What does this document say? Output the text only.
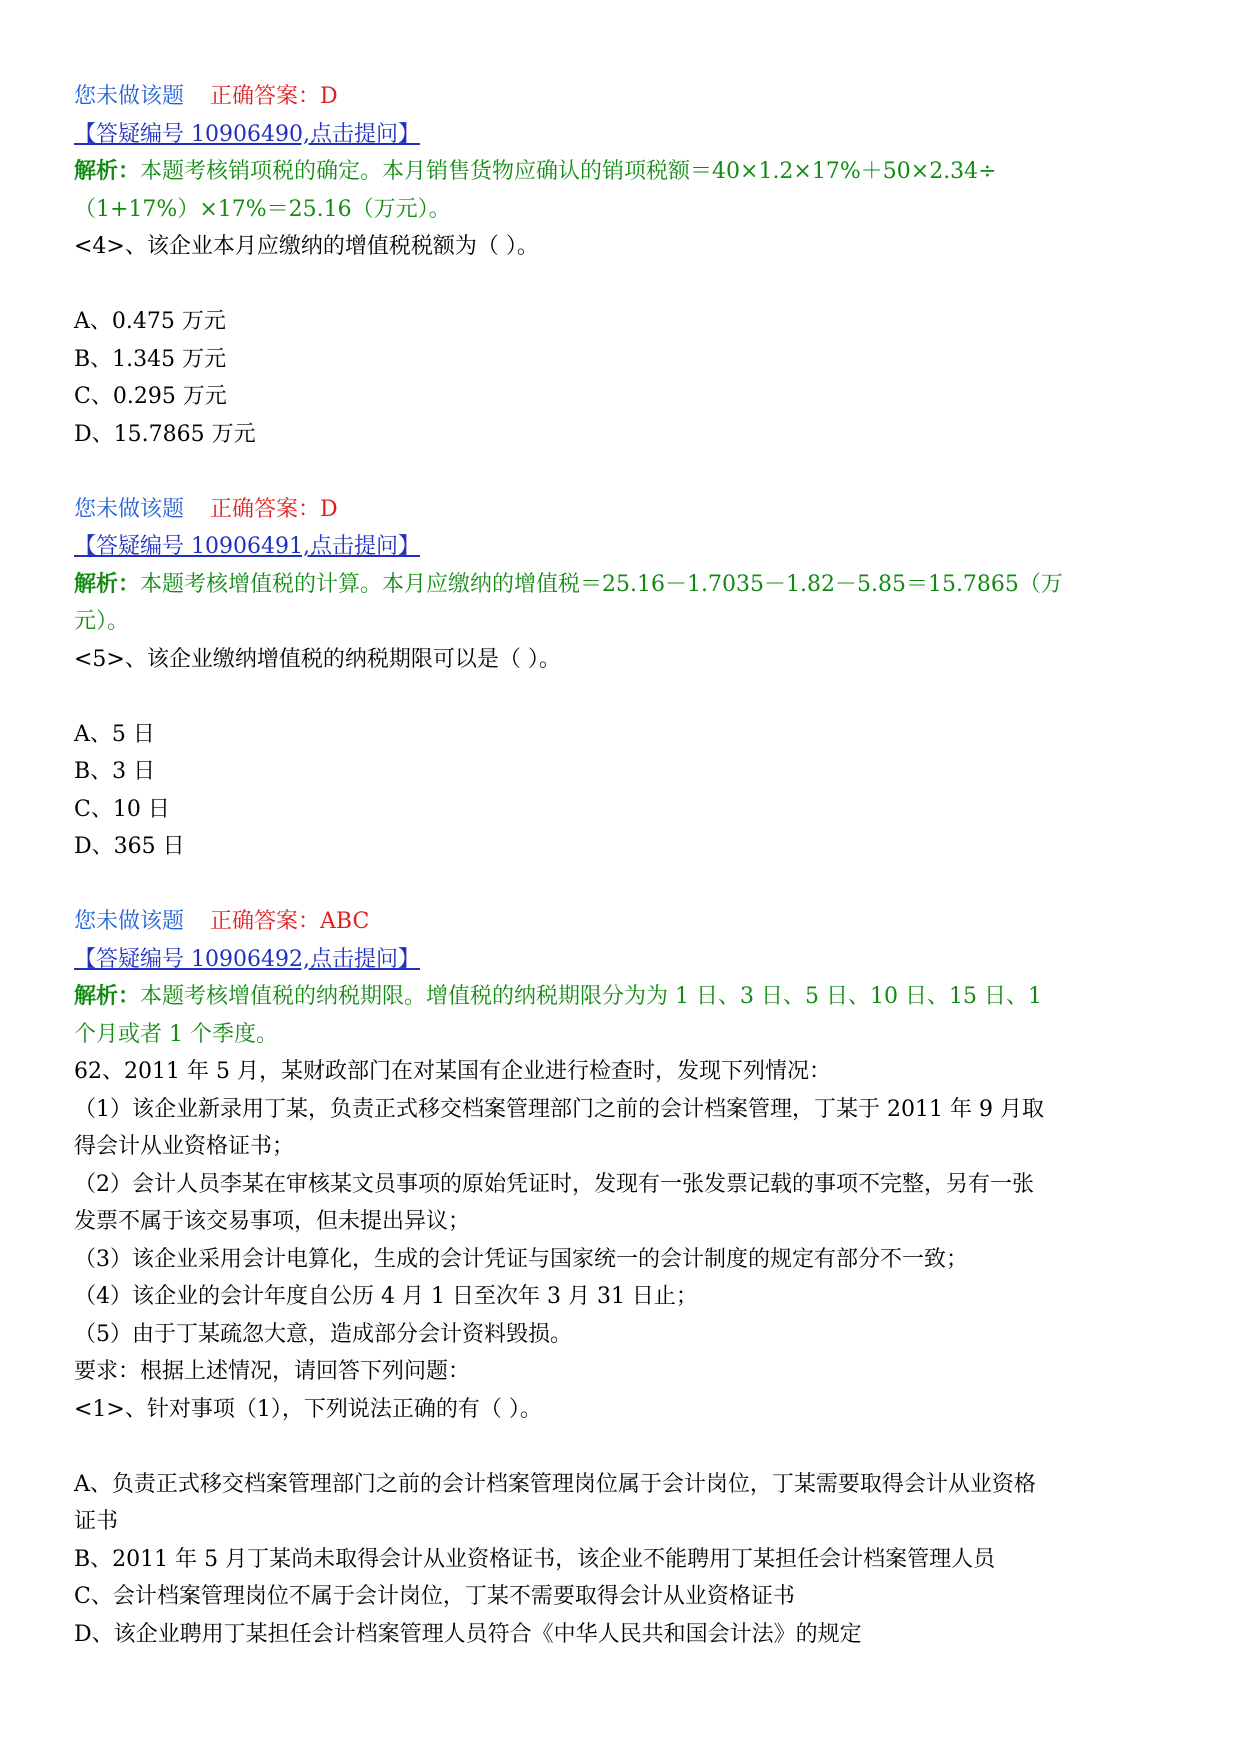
您未做该题 正确答案：D
【答疑编号 10906490,点击提问】
解析：本题考核销项税的确定。本月销售货物应确认的销项税额＝40×1.2×17%＋50×2.34÷
（1+17%）×17%＝25.16（万元）。
<4>、该企业本月应缴纳的增值税税额为（ ）。
A、0.475 万元
B、1.345 万元
C、0.295 万元
D、15.7865 万元
您未做该题 正确答案：D
【答疑编号 10906491,点击提问】
解析：本题考核增值税的计算。本月应缴纳的增值税＝25.16－1.7035－1.82－5.85＝15.7865（万
元）。
<5>、该企业缴纳增值税的纳税期限可以是（ ）。
A、5 日
B、3 日
C、10 日
D、365 日
您未做该题 正确答案：ABC
【答疑编号 10906492,点击提问】
解析：本题考核增值税的纳税期限。增值税的纳税期限分为为 1 日、3 日、5 日、10 日、15 日、1
个月或者 1 个季度。
62、2011 年 5 月，某财政部门在对某国有企业进行检查时，发现下列情况：
（1）该企业新录用丁某，负责正式移交档案管理部门之前的会计档案管理，丁某于 2011 年 9 月取
得会计从业资格证书；
（2）会计人员李某在审核某文员事项的原始凭证时，发现有一张发票记载的事项不完整，另有一张
发票不属于该交易事项，但未提出异议；
（3）该企业采用会计电算化，生成的会计凭证与国家统一的会计制度的规定有部分不一致；
（4）该企业的会计年度自公历 4 月 1 日至次年 3 月 31 日止；
（5）由于丁某疏忽大意，造成部分会计资料毁损。
要求：根据上述情况，请回答下列问题：
<1>、针对事项（1），下列说法正确的有（ ）。
A、负责正式移交档案管理部门之前的会计档案管理岗位属于会计岗位，丁某需要取得会计从业资格
证书
B、2011 年 5 月丁某尚未取得会计从业资格证书，该企业不能聘用丁某担任会计档案管理人员
C、会计档案管理岗位不属于会计岗位，丁某不需要取得会计从业资格证书
D、该企业聘用丁某担任会计档案管理人员符合《中华人民共和国会计法》的规定
